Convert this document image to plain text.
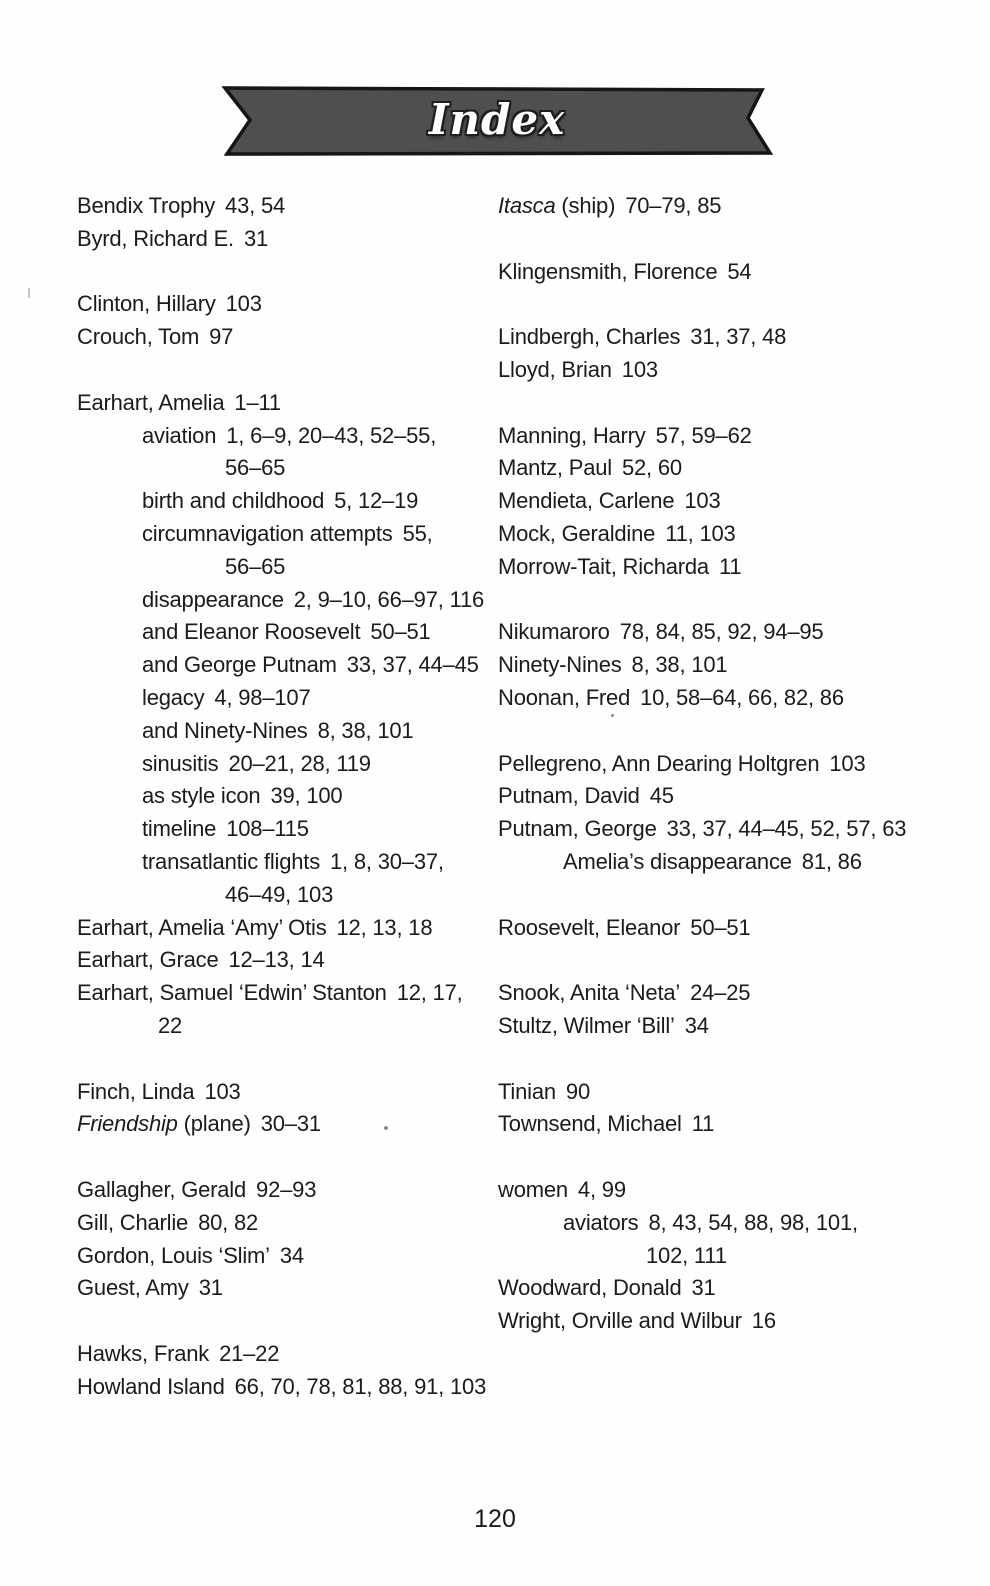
Index
Bendix Trophy 43, 54
Byrd, Richard E. 31
Clinton, Hillary 103
Crouch, Tom 97
Earhart, Amelia 1–11
aviation 1, 6–9, 20–43, 52–55,
56–65
birth and childhood 5, 12–19
circumnavigation attempts 55,
56–65
disappearance 2, 9–10, 66–97, 116
and Eleanor Roosevelt 50–51
and George Putnam 33, 37, 44–45
legacy 4, 98–107
and Ninety-Nines 8, 38, 101
sinusitis 20–21, 28, 119
as style icon 39, 100
timeline 108–115
transatlantic flights 1, 8, 30–37,
46–49, 103
Earhart, Amelia ‘Amy’ Otis 12, 13, 18
Earhart, Grace 12–13, 14
Earhart, Samuel ‘Edwin’ Stanton 12, 17,
22
Finch, Linda 103
Friendship (plane) 30–31
Gallagher, Gerald 92–93
Gill, Charlie 80, 82
Gordon, Louis ‘Slim’ 34
Guest, Amy 31
Hawks, Frank 21–22
Howland Island 66, 70, 78, 81, 88, 91, 103
Itasca (ship) 70–79, 85
Klingensmith, Florence 54
Lindbergh, Charles 31, 37, 48
Lloyd, Brian 103
Manning, Harry 57, 59–62
Mantz, Paul 52, 60
Mendieta, Carlene 103
Mock, Geraldine 11, 103
Morrow-Tait, Richarda 11
Nikumaroro 78, 84, 85, 92, 94–95
Ninety-Nines 8, 38, 101
Noonan, Fred 10, 58–64, 66, 82, 86
Pellegreno, Ann Dearing Holtgren 103
Putnam, David 45
Putnam, George 33, 37, 44–45, 52, 57, 63
Amelia’s disappearance 81, 86
Roosevelt, Eleanor 50–51
Snook, Anita ‘Neta’ 24–25
Stultz, Wilmer ‘Bill’ 34
Tinian 90
Townsend, Michael 11
women 4, 99
aviators 8, 43, 54, 88, 98, 101,
102, 111
Woodward, Donald 31
Wright, Orville and Wilbur 16
120
